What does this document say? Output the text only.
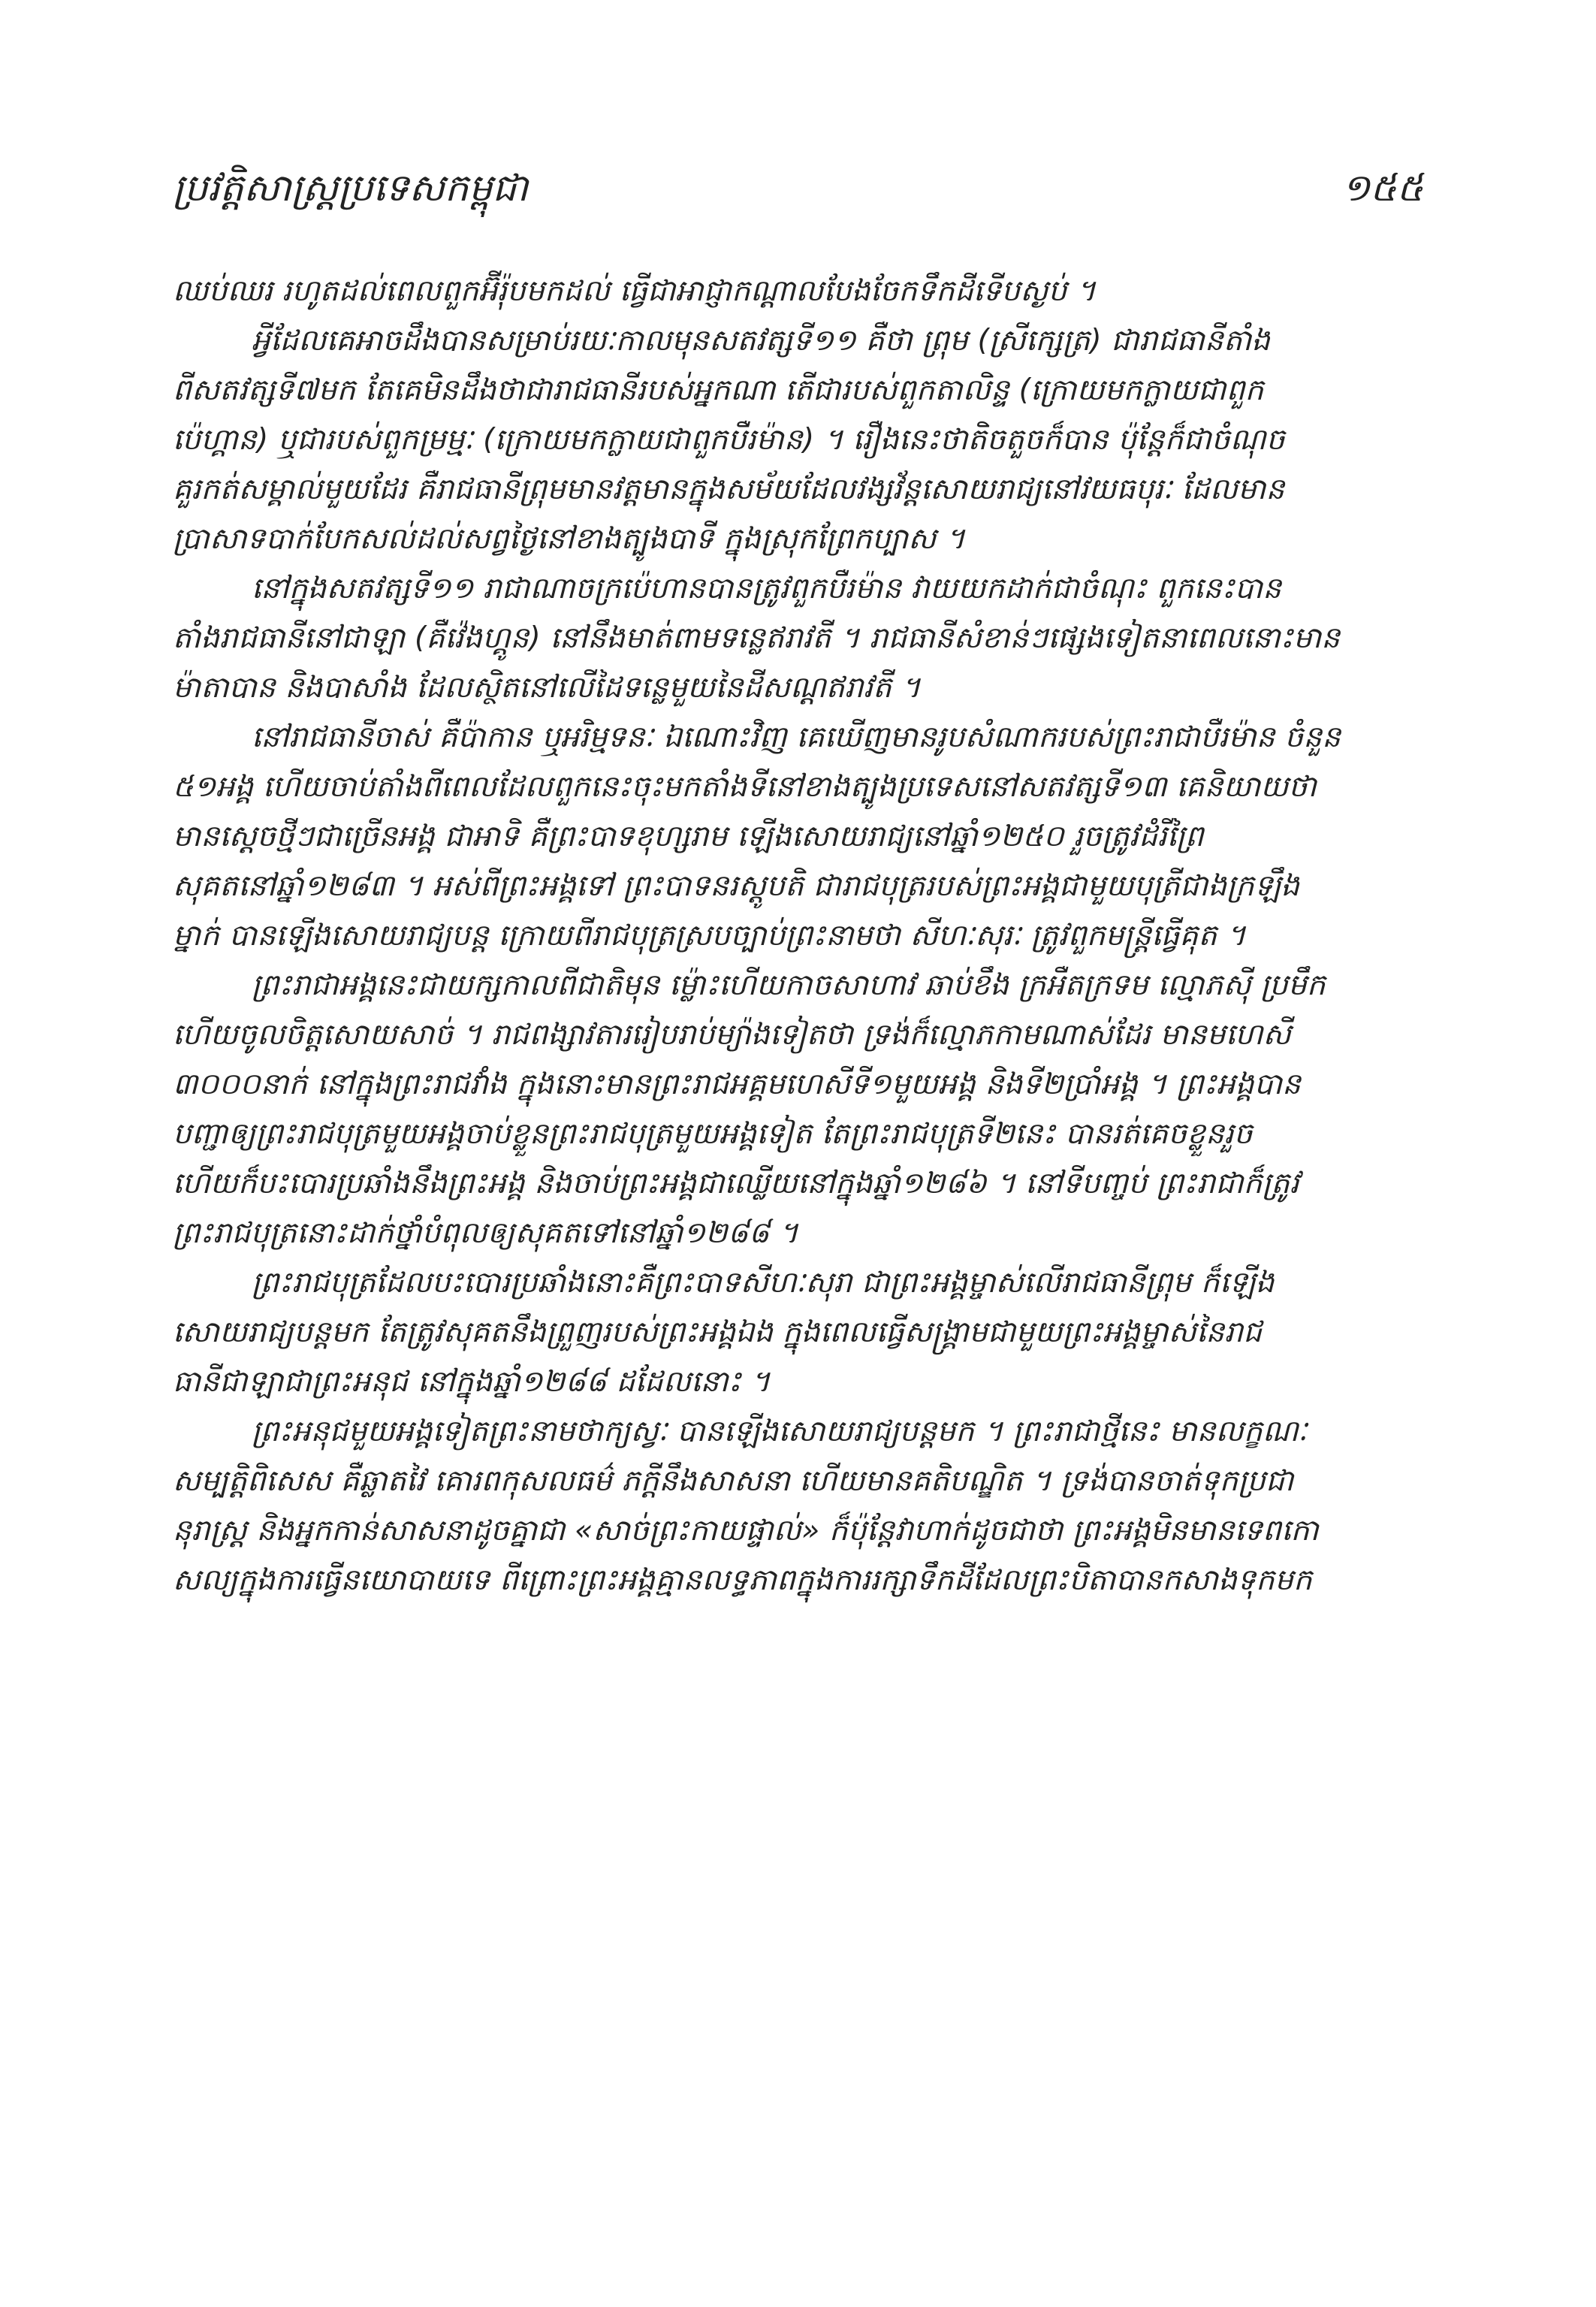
ប្រវត្តិសាស្ត្រប្រទេសកម្ពុជា	១៥៥
ឈប់ឈរ រហូតដល់ពេលពួកអ៊ីរ៉ុបមកដល់ ធ្វើជាអាជ្ញាកណ្ដាលបែងចែកទឹកដីទើបស្ងប់ ។
អ្វីដែលគេអាចដឹងបានសម្រាប់រយៈកាលមុនសតវត្សទី១១ គឺថា ព្រុម (ស្រីក្សេត្រ) ជារាជធានីតាំង
ពីសតវត្សទី៧មក តែគេមិនដឹងថាជារាជធានីរបស់អ្នកណា តើជារបស់ពួកតាលិន្ទ (ក្រោយមកក្លាយជាពួក
ប៉េហ្គាន) ឬជារបស់ពួកម្រម្មៈ (ក្រោយមកក្លាយជាពួកបឺរម៉ាន) ។ រឿងនេះថាតិចតួចក៏បាន ប៉ុន្តែក៏ជាចំណុច
គួរកត់សម្គាល់មួយដែរ គឺរាជធានីព្រុមមានវត្តមានក្នុងសម័យដែលវង្សវ័ន្តសោយរាជ្យនៅវយធបុរៈ ដែលមាន
ប្រាសាទបាក់បែកសល់ដល់សព្វថ្ងៃនៅខាងត្បូងបាទី ក្នុងស្រុកព្រែកប្បាស ។
នៅក្នុងសតវត្សទី១១ រាជាណាចក្រប៉េហានបានត្រូវពួកបឺរម៉ាន វាយយកដាក់ជាចំណុះ ពួកនេះបាន
តាំងរាជធានីនៅជាឡា (គឺវ៉េងហ្គូន) នៅនឹងមាត់ពាមទន្លេឥរាវតី ។ រាជធានីសំខាន់ៗផ្សេងទៀតនាពេលនោះមាន
ម៉ាតាបាន និងបាសាំង ដែលស្ថិតនៅលើដៃទន្លេមួយនៃដីសណ្ដឥរាវតី ។
នៅរាជធានីចាស់ គឺប៉ាកាន ឬអរិម្មទនៈ ឯណោះវិញ គេឃើញមានរូបសំណាករបស់ព្រះរាជាបឺរម៉ាន ចំនួន
៥១អង្គ ហើយចាប់តាំងពីពេលដែលពួកនេះចុះមកតាំងទីនៅខាងត្បូងប្រទេសនៅសតវត្សទី១៣ គេនិយាយថា
មានស្ដេចថ្មីៗជាច្រើនអង្គ ជាអាទិ គឺព្រះបាទខុហ្សរាម ឡើងសោយរាជ្យនៅឆ្នាំ១២៥០ រួចត្រូវដំរីព្រៃ
សុគតនៅឆ្នាំ១២៨៣ ។ អស់ពីព្រះអង្គទៅ ព្រះបាទនរស្តូបតិ ជារាជបុត្ររបស់ព្រះអង្គជាមួយបុត្រីជាងក្រឡឹង
ម្នាក់ បានឡើងសោយរាជ្យបន្ត ក្រោយពីរាជបុត្រស្របច្បាប់ព្រះនាមថា សីហៈសុរៈ ត្រូវពួកមន្ត្រីធ្វើគុត ។
ព្រះរាជាអង្គនេះជាយក្សកាលពីជាតិមុន ម៉្លោះហើយកាចសាហាវ ឆាប់ខឹង ក្រអឺតក្រទម ល្មោភស៊ី ប្រមឹក
ហើយចូលចិត្តសោយសាច់ ។ រាជពង្សាវតាររៀបរាប់ម្យ៉ាងទៀតថា ទ្រង់ក៏ល្មោភកាមណាស់ដែរ មានមហេសី
៣០០០នាក់ នៅក្នុងព្រះរាជវាំង ក្នុងនោះមានព្រះរាជអគ្គមហេសីទី១មួយអង្គ និងទី២ប្រាំអង្គ ។ ព្រះអង្គបាន
បញ្ជាឲ្យព្រះរាជបុត្រមួយអង្គចាប់ខ្លួនព្រះរាជបុត្រមួយអង្គទៀត តែព្រះរាជបុត្រទី២នេះ បានរត់គេចខ្លួនរួច
ហើយក៏បះបោរប្រឆាំងនឹងព្រះអង្គ និងចាប់ព្រះអង្គជាឈ្លើយនៅក្នុងឆ្នាំ១២៨៦ ។ នៅទីបញ្ចប់ ព្រះរាជាក៏ត្រូវ
ព្រះរាជបុត្រនោះដាក់ថ្នាំបំពុលឲ្យសុគតទៅនៅឆ្នាំ១២៨៨ ។
ព្រះរាជបុត្រដែលបះបោរប្រឆាំងនោះគឺព្រះបាទសីហៈសុរា ជាព្រះអង្គម្ចាស់លើរាជធានីព្រុម ក៏ឡើង
សោយរាជ្យបន្តមក តែត្រូវសុគតនឹងព្រួញរបស់ព្រះអង្គឯង ក្នុងពេលធ្វើសង្គ្រាមជាមួយព្រះអង្គម្ចាស់នៃរាជ
ធានីជាឡាជាព្រះអនុជ នៅក្នុងឆ្នាំ១២៨៨ ដដែលនោះ ។
ព្រះអនុជមួយអង្គទៀតព្រះនាមថាក្យស្វៈ បានឡើងសោយរាជ្យបន្តមក ។ ព្រះរាជាថ្មីនេះ មានលក្ខណៈ
សម្បត្តិពិសេស គឺឆ្លាតវៃ គោរពកុសលធម៌ ភក្ដីនឹងសាសនា ហើយមានគតិបណ្ឌិត ។ ទ្រង់បានចាត់ទុកប្រជា
នុរាស្ត្រ និងអ្នកកាន់សាសនាដូចគ្នាជា «សាច់ព្រះកាយផ្ទាល់» ក៏ប៉ុន្តែវាហាក់ដូចជាថា ព្រះអង្គមិនមានទេពកោ
សល្យក្នុងការធ្វើនយោបាយទេ ពីព្រោះព្រះអង្គគ្មានលទ្ធភាពក្នុងការរក្សាទឹកដីដែលព្រះបិតាបានកសាងទុកមក
